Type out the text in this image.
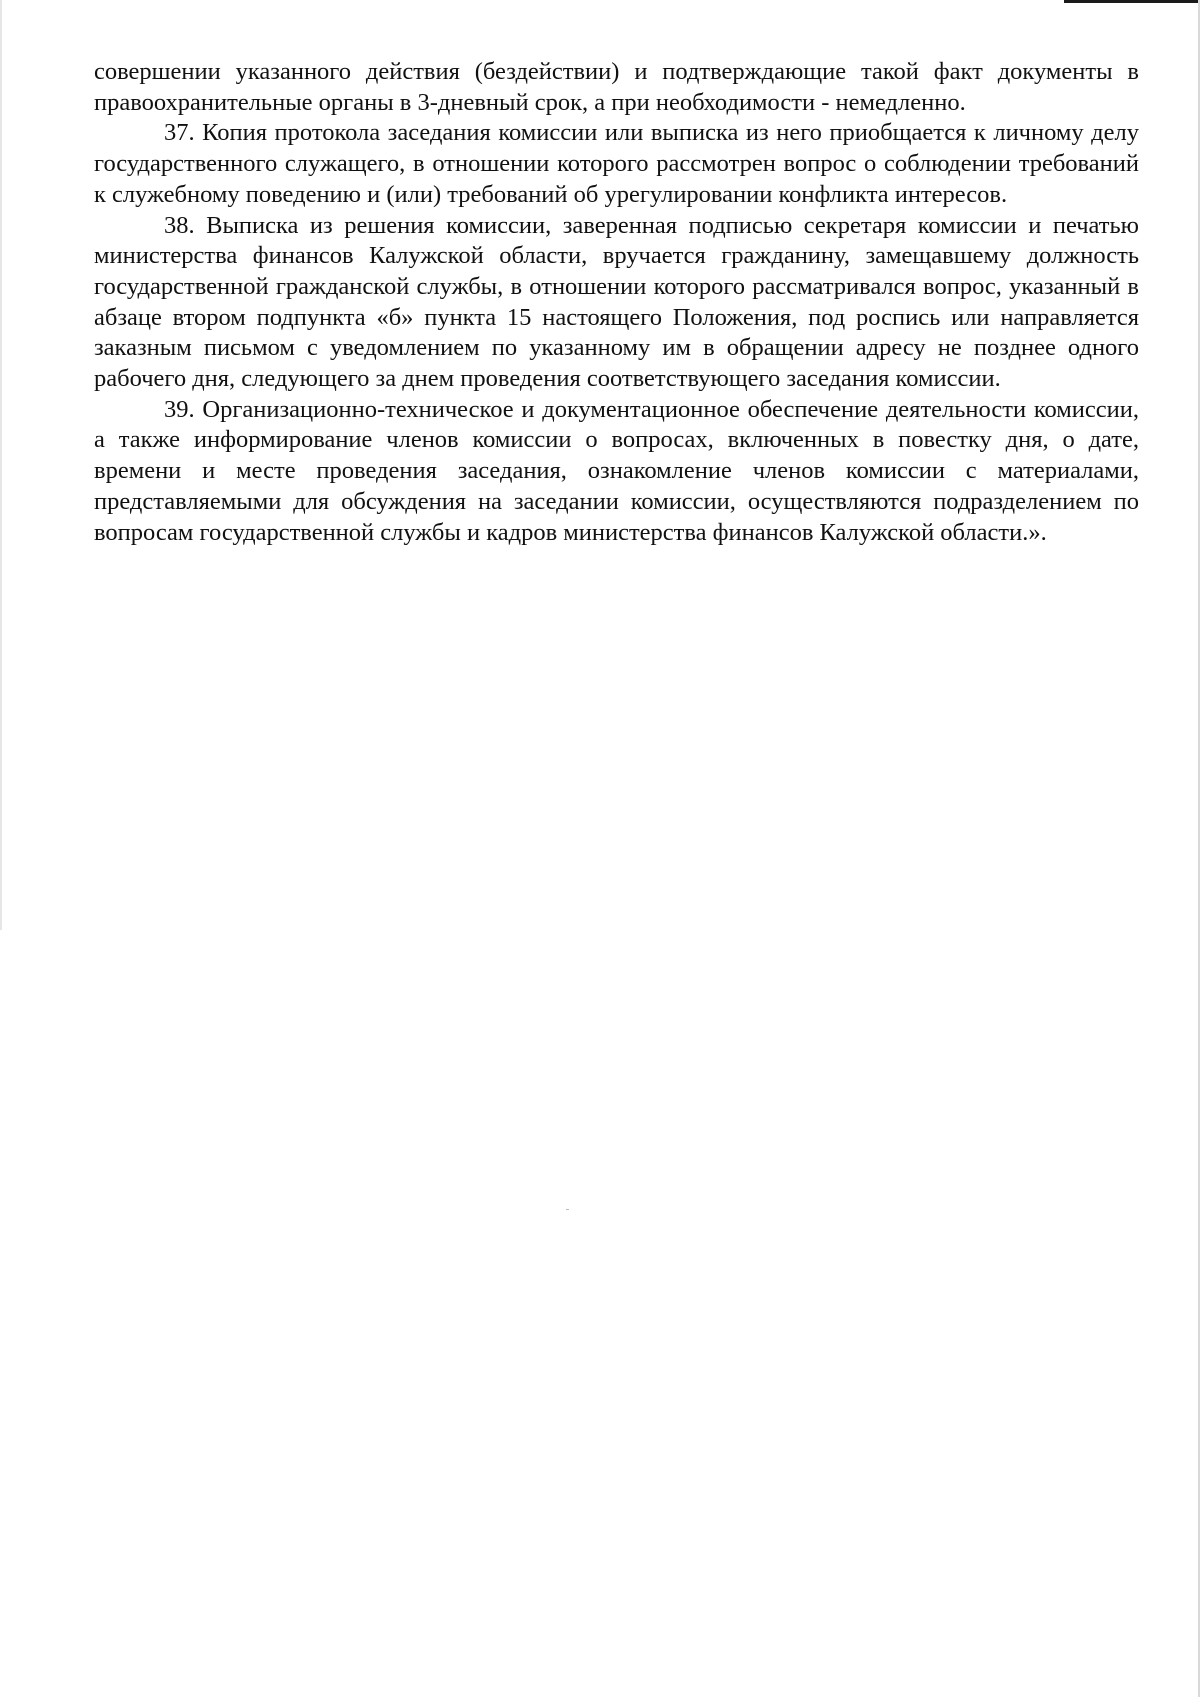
совершении указанного действия (бездействии) и подтверждающие такой факт документы в правоохранительные органы в 3-дневный срок, а при необходимости - немедленно.

37. Копия протокола заседания комиссии или выписка из него приобщается к личному делу государственного служащего, в отношении которого рассмотрен вопрос о соблюдении требований к служебному поведению и (или) требований об урегулировании конфликта интересов.

38. Выписка из решения комиссии, заверенная подписью секретаря комиссии и печатью министерства финансов Калужской области, вручается гражданину, замещавшему должность государственной гражданской службы, в отношении которого рассматривался вопрос, указанный в абзаце втором подпункта «б» пункта 15 настоящего Положения, под роспись или направляется заказным письмом с уведомлением по указанному им в обращении адресу не позднее одного рабочего дня, следующего за днем проведения соответствующего заседания комиссии.

39. Организационно-техническое и документационное обеспечение деятельности комиссии, а также информирование членов комиссии о вопросах, включенных в повестку дня, о дате, времени и месте проведения заседания, ознакомление членов комиссии с материалами, представляемыми для обсуждения на заседании комиссии, осуществляются подразделением по вопросам государственной службы и кадров министерства финансов Калужской области.».
